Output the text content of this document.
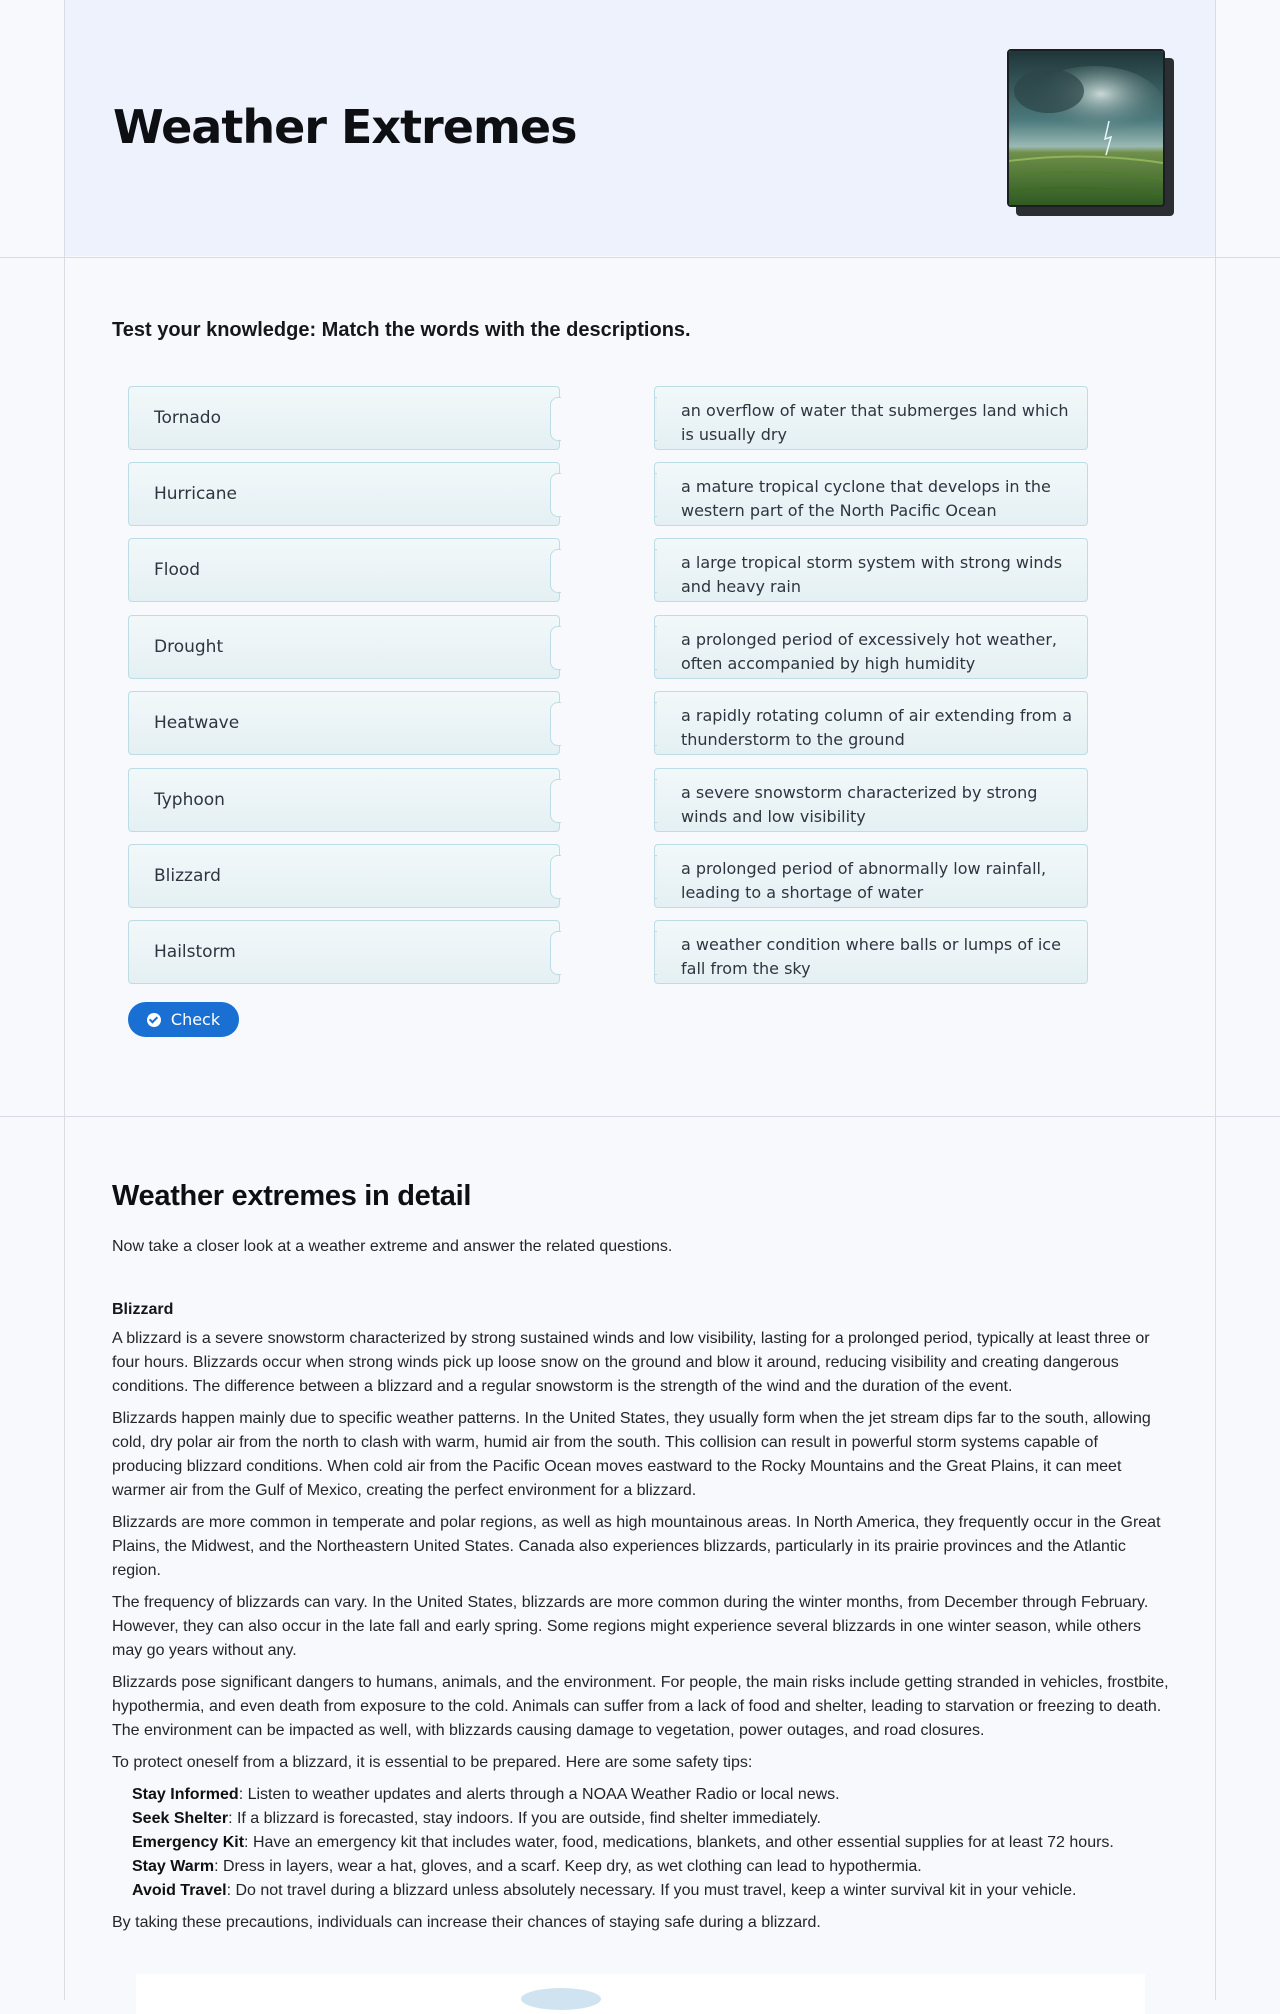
Weather Extremes
Test your knowledge: Match the words with the descriptions.
Tornado
Hurricane
Flood
Drought
Heatwave
Typhoon
Blizzard
Hailstorm
an overflow of water that submerges land which is usually dry
a mature tropical cyclone that develops in the western part of the North Pacific Ocean
a large tropical storm system with strong winds and heavy rain
a prolonged period of excessively hot weather, often accompanied by high humidity
a rapidly rotating column of air extending from a thunderstorm to the ground
a severe snowstorm characterized by strong winds and low visibility
a prolonged period of abnormally low rainfall, leading to a shortage of water
a weather condition where balls or lumps of ice fall from the sky
Check
Weather extremes in detail

Now take a closer look at a weather extreme and answer the related questions.

Blizzard

A blizzard is a severe snowstorm characterized by strong sustained winds and low visibility, lasting for a prolonged period, typically at least three or four hours. Blizzards occur when strong winds pick up loose snow on the ground and blow it around, reducing visibility and creating dangerous conditions. The difference between a blizzard and a regular snowstorm is the strength of the wind and the duration of the event.

Blizzards happen mainly due to specific weather patterns. In the United States, they usually form when the jet stream dips far to the south, allowing cold, dry polar air from the north to clash with warm, humid air from the south. This collision can result in powerful storm systems capable of producing blizzard conditions. When cold air from the Pacific Ocean moves eastward to the Rocky Mountains and the Great Plains, it can meet warmer air from the Gulf of Mexico, creating the perfect environment for a blizzard.

Blizzards are more common in temperate and polar regions, as well as high mountainous areas. In North America, they frequently occur in the Great Plains, the Midwest, and the Northeastern United States. Canada also experiences blizzards, particularly in its prairie provinces and the Atlantic region.

The frequency of blizzards can vary. In the United States, blizzards are more common during the winter months, from December through February. However, they can also occur in the late fall and early spring. Some regions might experience several blizzards in one winter season, while others may go years without any.

Blizzards pose significant dangers to humans, animals, and the environment. For people, the main risks include getting stranded in vehicles, frostbite, hypothermia, and even death from exposure to the cold. Animals can suffer from a lack of food and shelter, leading to starvation or freezing to death. The environment can be impacted as well, with blizzards causing damage to vegetation, power outages, and road closures.

To protect oneself from a blizzard, it is essential to be prepared. Here are some safety tips:

Stay Informed: Listen to weather updates and alerts through a NOAA Weather Radio or local news.
Seek Shelter: If a blizzard is forecasted, stay indoors. If you are outside, find shelter immediately.
Emergency Kit: Have an emergency kit that includes water, food, medications, blankets, and other essential supplies for at least 72 hours.
Stay Warm: Dress in layers, wear a hat, gloves, and a scarf. Keep dry, as wet clothing can lead to hypothermia.
Avoid Travel: Do not travel during a blizzard unless absolutely necessary. If you must travel, keep a winter survival kit in your vehicle.

By taking these precautions, individuals can increase their chances of staying safe during a blizzard.
